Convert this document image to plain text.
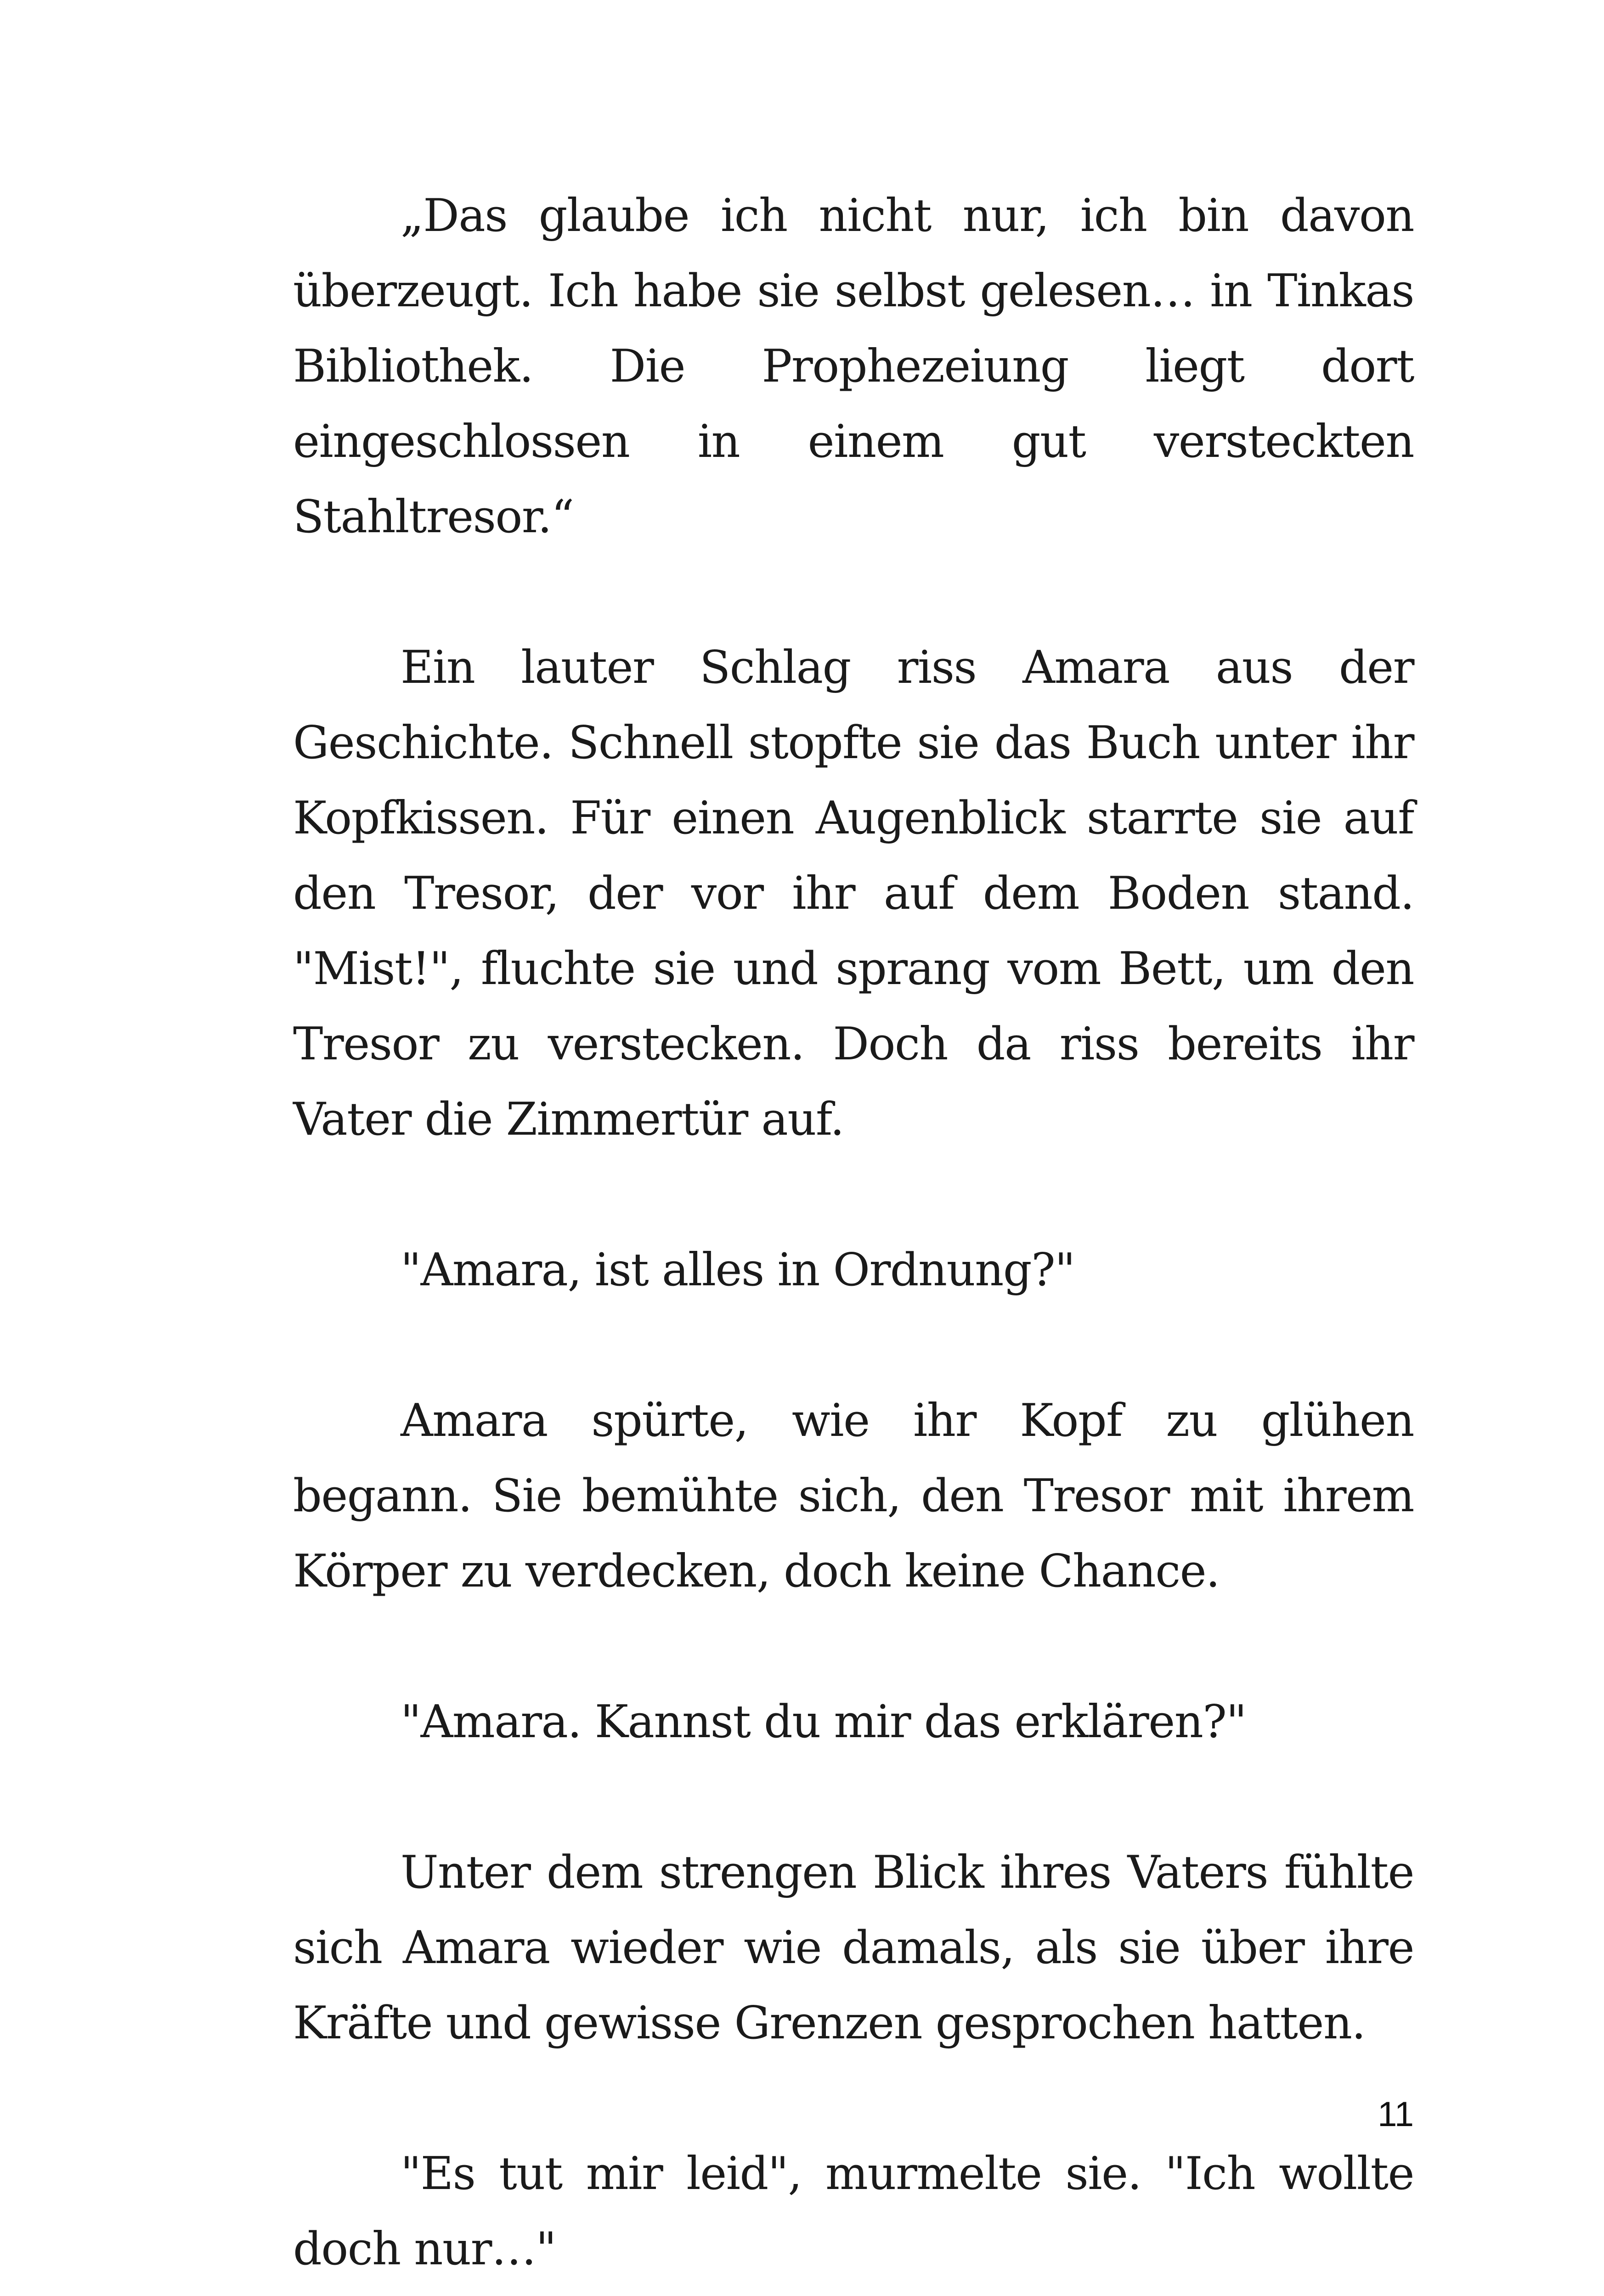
„Das glaube ich nicht nur, ich bin davon überzeugt. Ich habe sie selbst gelesen… in Tinkas Bibliothek. Die Prophezeiung liegt dort eingeschlossen in einem gut versteckten Stahltresor.“

Ein lauter Schlag riss Amara aus der Geschichte. Schnell stopfte sie das Buch unter ihr Kopfkissen. Für einen Augenblick starrte sie auf den Tresor, der vor ihr auf dem Boden stand. "Mist!", fluchte sie und sprang vom Bett, um den Tresor zu verstecken. Doch da riss bereits ihr Vater die Zimmertür auf.

"Amara, ist alles in Ordnung?"

Amara spürte, wie ihr Kopf zu glühen begann. Sie bemühte sich, den Tresor mit ihrem Körper zu verdecken, doch keine Chance.

"Amara. Kannst du mir das erklären?"

Unter dem strengen Blick ihres Vaters fühlte sich Amara wieder wie damals, als sie über ihre Kräfte und gewisse Grenzen gesprochen hatten.

"Es tut mir leid", murmelte sie. "Ich wollte doch nur…"

11
